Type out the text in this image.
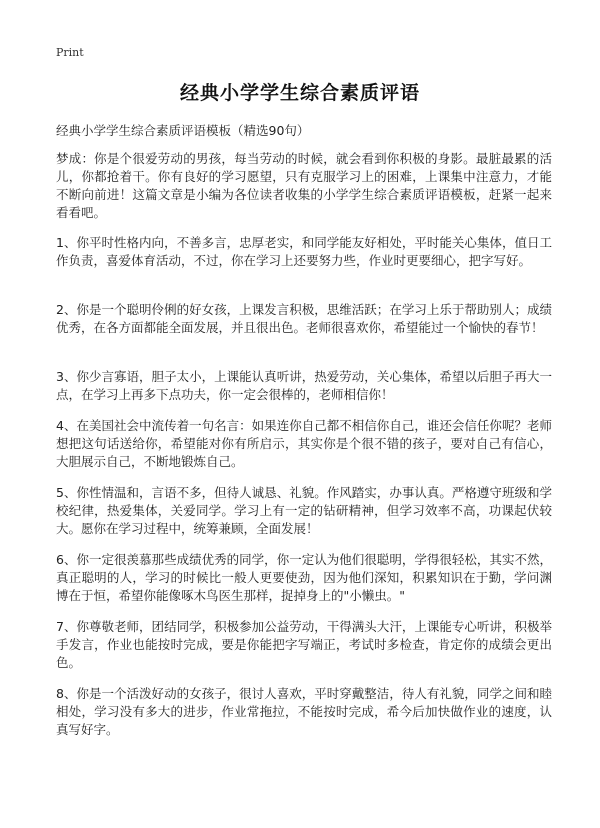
Print
经典小学学生综合素质评语
经典小学学生综合素质评语模板（精选90句）
梦成：你是个很爱劳动的男孩，每当劳动的时候，就会看到你积极的身影。最脏最累的活儿，你都抢着干。你有良好的学习愿望，只有克服学习上的困难，上课集中注意力，才能不断向前进！这篇文章是小编为各位读者收集的小学学生综合素质评语模板，赶紧一起来看看吧。
1、你平时性格内向，不善多言，忠厚老实，和同学能友好相处，平时能关心集体，值日工作负责，喜爱体育活动，不过，你在学习上还要努力些，作业时更要细心，把字写好。
2、你是一个聪明伶俐的好女孩，上课发言积极，思维活跃；在学习上乐于帮助别人；成绩优秀，在各方面都能全面发展，并且很出色。老师很喜欢你，希望能过一个愉快的春节！
3、你少言寡语，胆子太小，上课能认真听讲，热爱劳动，关心集体，希望以后胆子再大一点，在学习上再多下点功夫，你一定会很棒的，老师相信你！
4、在美国社会中流传着一句名言：如果连你自己都不相信你自己，谁还会信任你呢？老师想把这句话送给你，希望能对你有所启示，其实你是个很不错的孩子，要对自己有信心，大胆展示自己，不断地锻炼自己。
5、你性情温和，言语不多，但待人诚恳、礼貌。作风踏实，办事认真。严格遵守班级和学校纪律，热爱集体，关爱同学。学习上有一定的钻研精神，但学习效率不高，功课起伏较大。愿你在学习过程中，统筹兼顾，全面发展！
6、你一定很羡慕那些成绩优秀的同学，你一定认为他们很聪明，学得很轻松，其实不然，真正聪明的人，学习的时候比一般人更要使劲，因为他们深知，积累知识在于勤，学问渊博在于恒，希望你能像啄木鸟医生那样，捉掉身上的"小懒虫。"
7、你尊敬老师，团结同学，积极参加公益劳动，干得满头大汗，上课能专心听讲，积极举手发言，作业也能按时完成，要是你能把字写端正，考试时多检查，肯定你的成绩会更出色。
8、你是一个活泼好动的女孩子，很讨人喜欢，平时穿戴整洁，待人有礼貌，同学之间和睦相处，学习没有多大的进步，作业常拖拉，不能按时完成，希今后加快做作业的速度，认真写好字。
